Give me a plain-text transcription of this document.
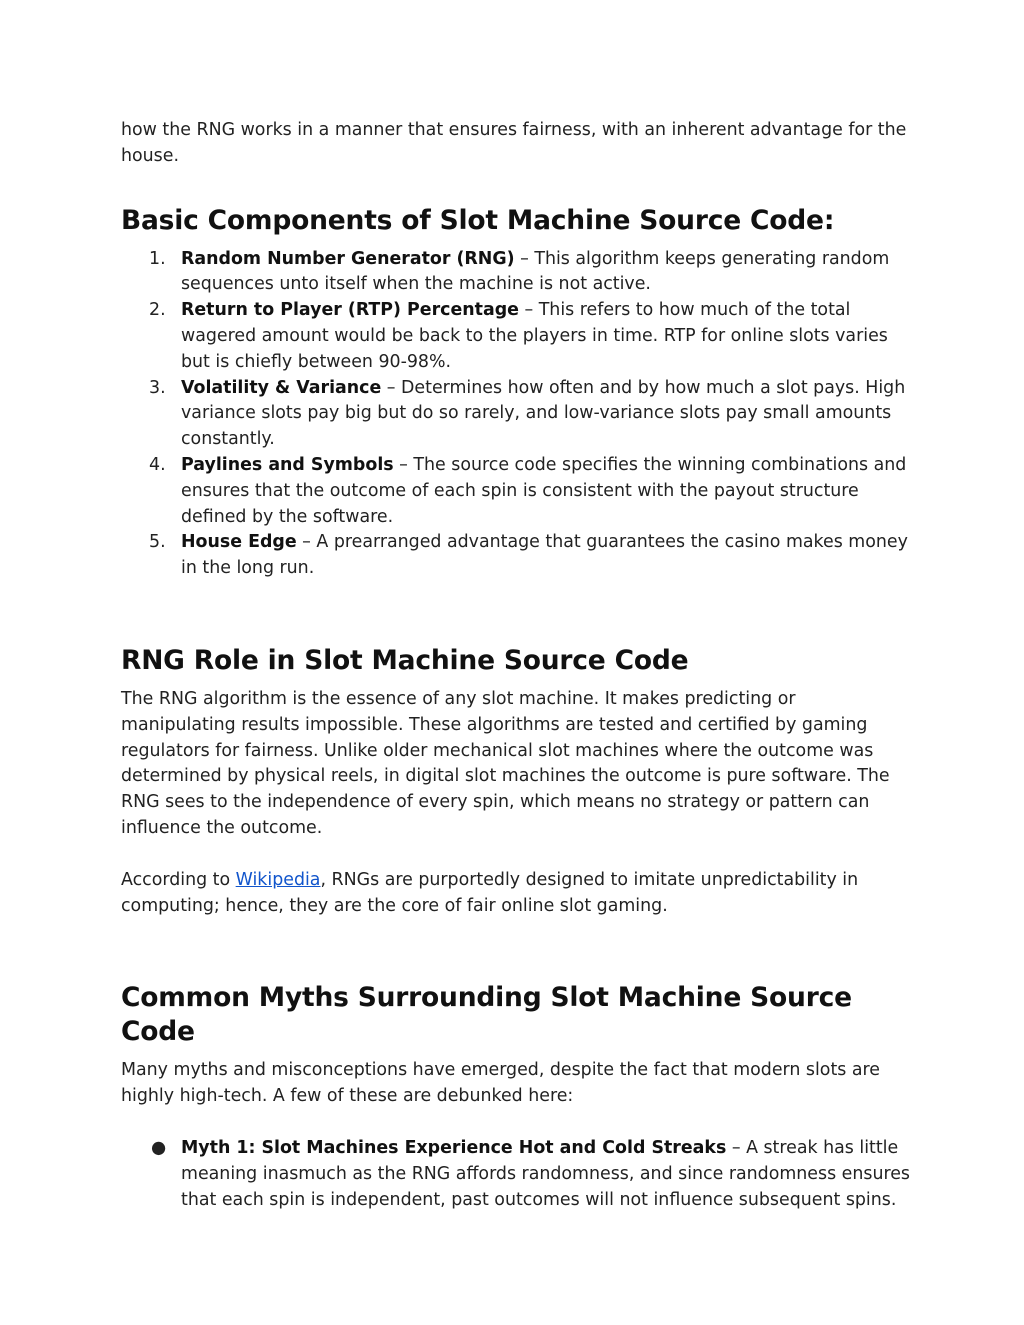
how the RNG works in a manner that ensures fairness, with an inherent advantage for the house.

Basic Components of Slot Machine Source Code:
1. Random Number Generator (RNG) – This algorithm keeps generating random sequences unto itself when the machine is not active.
2. Return to Player (RTP) Percentage – This refers to how much of the total wagered amount would be back to the players in time. RTP for online slots varies but is chiefly between 90-98%.
3. Volatility & Variance – Determines how often and by how much a slot pays. High variance slots pay big but do so rarely, and low-variance slots pay small amounts constantly.
4. Paylines and Symbols – The source code specifies the winning combinations and ensures that the outcome of each spin is consistent with the payout structure defined by the software.
5. House Edge – A prearranged advantage that guarantees the casino makes money in the long run.
RNG Role in Slot Machine Source Code

The RNG algorithm is the essence of any slot machine. It makes predicting or manipulating results impossible. These algorithms are tested and certified by gaming regulators for fairness. Unlike older mechanical slot machines where the outcome was determined by physical reels, in digital slot machines the outcome is pure software. The RNG sees to the independence of every spin, which means no strategy or pattern can influence the outcome.

According to Wikipedia, RNGs are purportedly designed to imitate unpredictability in computing; hence, they are the core of fair online slot gaming.

Common Myths Surrounding Slot Machine Source Code

Many myths and misconceptions have emerged, despite the fact that modern slots are highly high-tech. A few of these are debunked here:

● Myth 1: Slot Machines Experience Hot and Cold Streaks – A streak has little meaning inasmuch as the RNG affords randomness, and since randomness ensures that each spin is independent, past outcomes will not influence subsequent spins.
